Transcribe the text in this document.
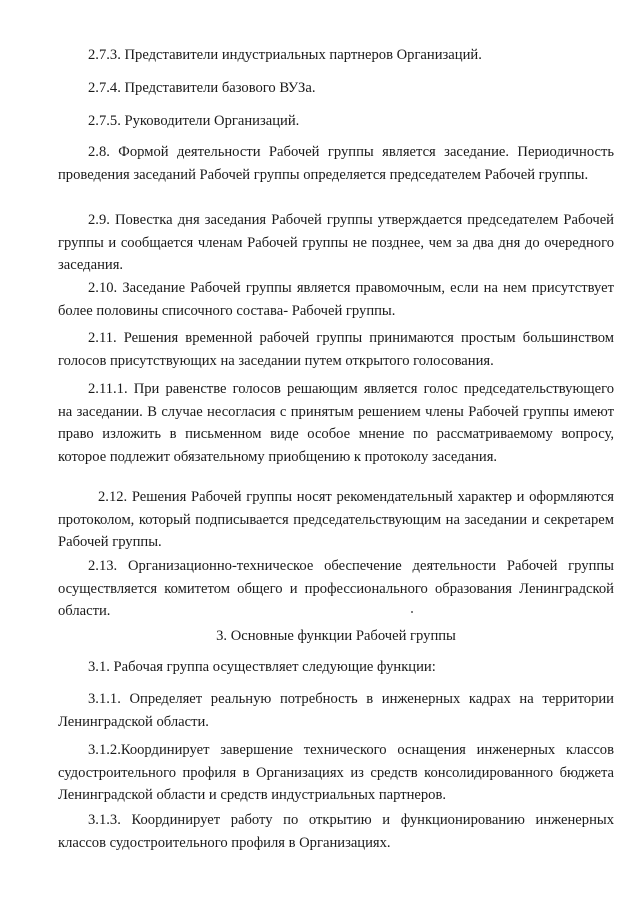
2.7.3. Представители индустриальных партнеров Организаций.

2.7.4. Представители базового ВУЗа.

2.7.5. Руководители Организаций.

2.8. Формой деятельности Рабочей группы является заседание. Периодичность проведения заседаний Рабочей группы определяется председателем Рабочей группы.

2.9. Повестка дня заседания Рабочей группы утверждается председателем Рабочей группы и сообщается членам Рабочей группы не позднее, чем за два дня до очередного заседания.

2.10. Заседание Рабочей группы является правомочным, если на нем присутствует более половины списочного состава- Рабочей группы.

2.11. Решения временной рабочей группы принимаются простым большинством голосов присутствующих на заседании путем открытого голосования.

2.11.1. При равенстве голосов решающим является голос председательствующего на заседании. В случае несогласия с принятым решением члены Рабочей группы имеют право изложить в письменном виде особое мнение по рассматриваемому вопросу, которое подлежит обязательному приобщению к протоколу заседания.

2.12. Решения Рабочей группы носят рекомендательный характер и оформляются протоколом, который подписывается председательствующим на заседании и секретарем Рабочей группы.

2.13. Организационно-техническое обеспечение деятельности Рабочей группы осуществляется комитетом общего и профессионального образования Ленинградской области.

3. Основные функции Рабочей группы

3.1. Рабочая группа осуществляет следующие функции:

3.1.1. Определяет реальную потребность в инженерных кадрах на территории Ленинградской области.

3.1.2.Координирует завершение технического оснащения инженерных классов судостроительного профиля в Организациях из средств консолидированного бюджета Ленинградской области и средств индустриальных партнеров.

3.1.3. Координирует работу по открытию и функционированию инженерных классов судостроительного профиля в Организациях.
